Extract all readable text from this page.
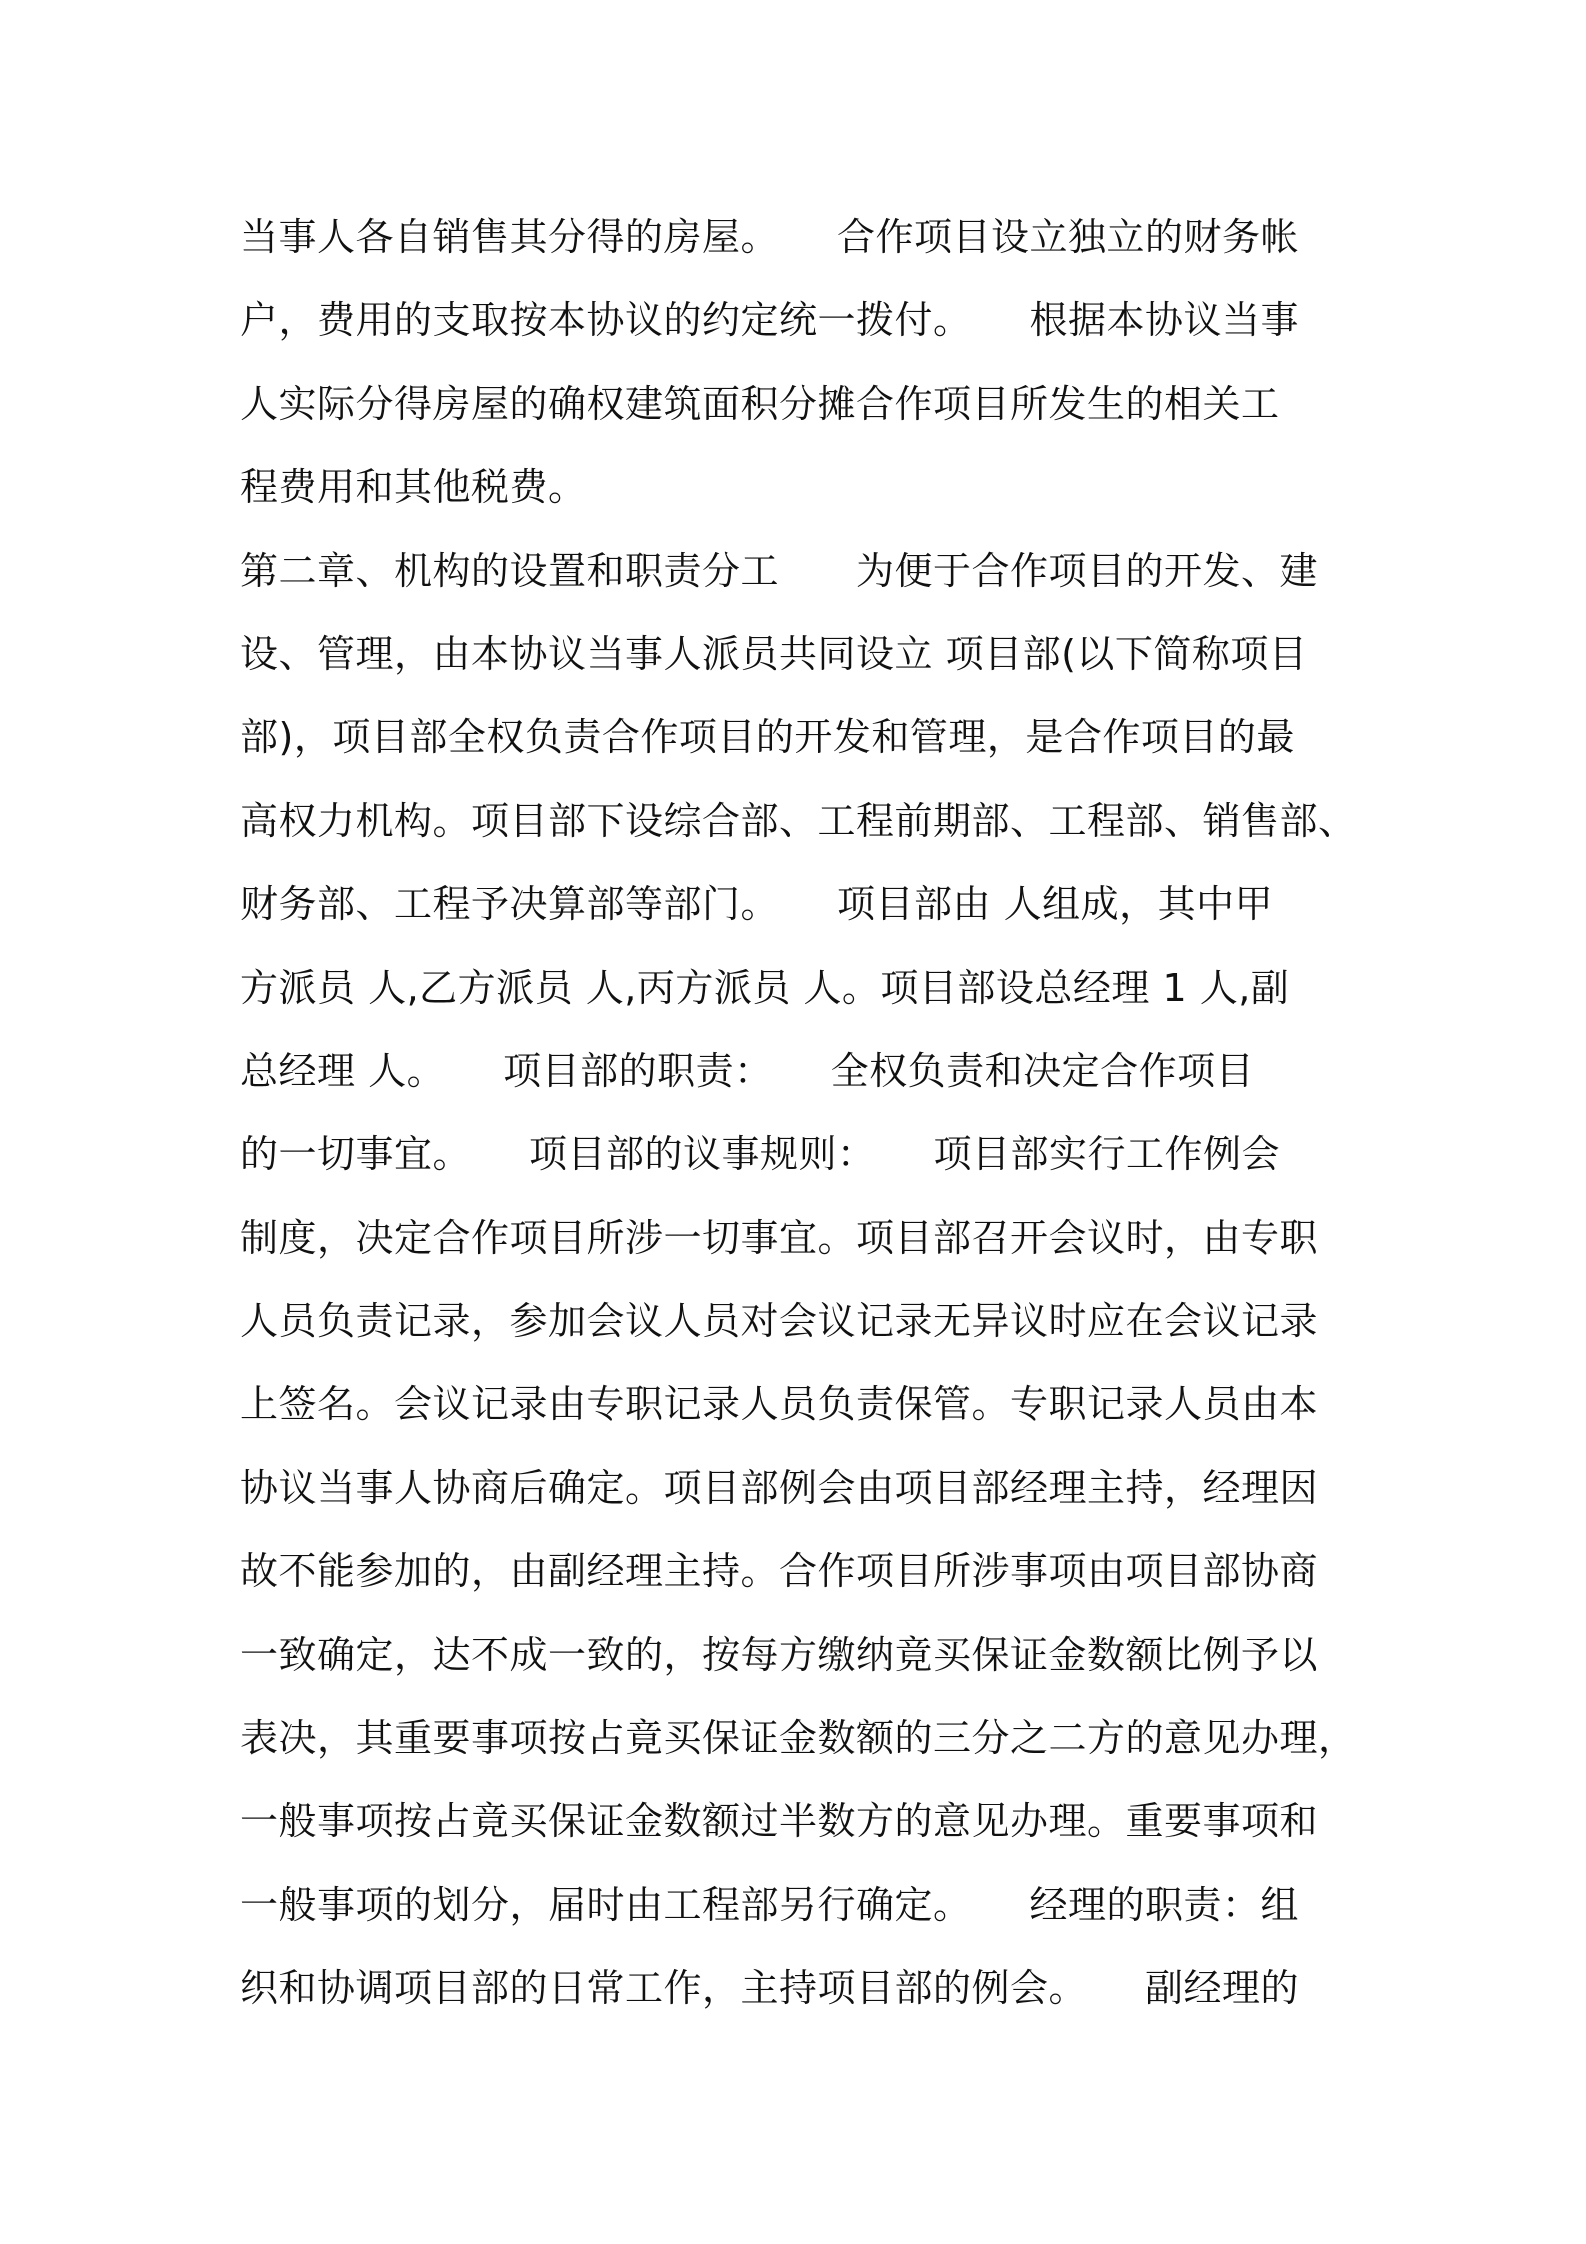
当事人各自销售其分得的房屋。　　合作项目设立独立的财务帐
户，费用的支取按本协议的约定统一拨付。　　根据本协议当事
人实际分得房屋的确权建筑面积分摊合作项目所发生的相关工
程费用和其他税费。
第二章、机构的设置和职责分工　　为便于合作项目的开发、建
设、管理，由本协议当事人派员共同设立 项目部(以下简称项目
部)，项目部全权负责合作项目的开发和管理，是合作项目的最
高权力机构。项目部下设综合部、工程前期部、工程部、销售部、
财务部、工程予决算部等部门。　　项目部由 人组成，其中甲
方派员 人,乙方派员 人,丙方派员 人。项目部设总经理 1 人,副
总经理 人。　　项目部的职责：　　全权负责和决定合作项目
的一切事宜。　　项目部的议事规则：　　项目部实行工作例会
制度，决定合作项目所涉一切事宜。项目部召开会议时，由专职
人员负责记录，参加会议人员对会议记录无异议时应在会议记录
上签名。会议记录由专职记录人员负责保管。专职记录人员由本
协议当事人协商后确定。项目部例会由项目部经理主持，经理因
故不能参加的，由副经理主持。合作项目所涉事项由项目部协商
一致确定，达不成一致的，按每方缴纳竟买保证金数额比例予以
表决，其重要事项按占竟买保证金数额的三分之二方的意见办理，
一般事项按占竟买保证金数额过半数方的意见办理。重要事项和
一般事项的划分，届时由工程部另行确定。　　经理的职责：组
织和协调项目部的日常工作，主持项目部的例会。　　副经理的
